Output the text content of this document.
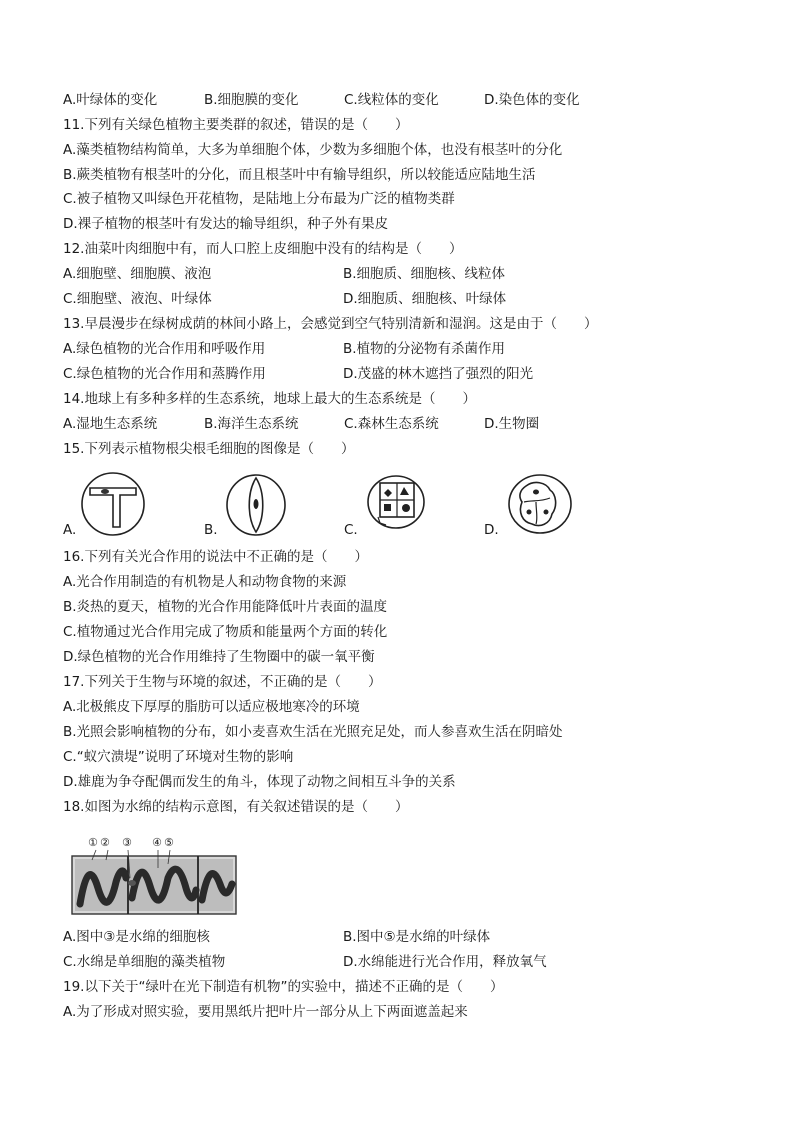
A.叶绿体的变化	B.细胞膜的变化	C.线粒体的变化	D.染色体的变化
11.下列有关绿色植物主要类群的叙述，错误的是（　　）
A.藻类植物结构简单，大多为单细胞个体，少数为多细胞个体，也没有根茎叶的分化
B.蕨类植物有根茎叶的分化，而且根茎叶中有输导组织，所以较能适应陆地生活
C.被子植物又叫绿色开花植物，是陆地上分布最为广泛的植物类群
D.裸子植物的根茎叶有发达的输导组织，种子外有果皮
12.油菜叶肉细胞中有，而人口腔上皮细胞中没有的结构是（　　）
A.细胞壁、细胞膜、液泡	B.细胞质、细胞核、线粒体
C.细胞壁、液泡、叶绿体	D.细胞质、细胞核、叶绿体
13.早晨漫步在绿树成荫的林间小路上，会感觉到空气特别清新和湿润。这是由于（　　）
A.绿色植物的光合作用和呼吸作用	B.植物的分泌物有杀菌作用
C.绿色植物的光合作用和蒸腾作用	D.茂盛的林木遮挡了强烈的阳光
14.地球上有多种多样的生态系统，地球上最大的生态系统是（　　）
A.湿地生态系统	B.海洋生态系统	C.森林生态系统	D.生物圈
15.下列表示植物根尖根毛细胞的图像是（　　）
A.	B.	C.	D.
16.下列有关光合作用的说法中不正确的是（　　）
A.光合作用制造的有机物是人和动物食物的来源
B.炎热的夏天，植物的光合作用能降低叶片表面的温度
C.植物通过光合作用完成了物质和能量两个方面的转化
D.绿色植物的光合作用维持了生物圈中的碳一氧平衡
17.下列关于生物与环境的叙述，不正确的是（　　）
A.北极熊皮下厚厚的脂肪可以适应极地寒冷的环境
B.光照会影响植物的分布，如小麦喜欢生活在光照充足处，而人参喜欢生活在阴暗处
C.“蚁穴溃堤”说明了环境对生物的影响
D.雄鹿为争夺配偶而发生的角斗，体现了动物之间相互斗争的关系
18.如图为水绵的结构示意图，有关叙述错误的是（　　）
① ② ③ ④ ⑤
A.图中③是水绵的细胞核	B.图中⑤是水绵的叶绿体
C.水绵是单细胞的藻类植物	D.水绵能进行光合作用，释放氧气
19.以下关于“绿叶在光下制造有机物”的实验中，描述不正确的是（　　）
A.为了形成对照实验，要用黑纸片把叶片一部分从上下两面遮盖起来
